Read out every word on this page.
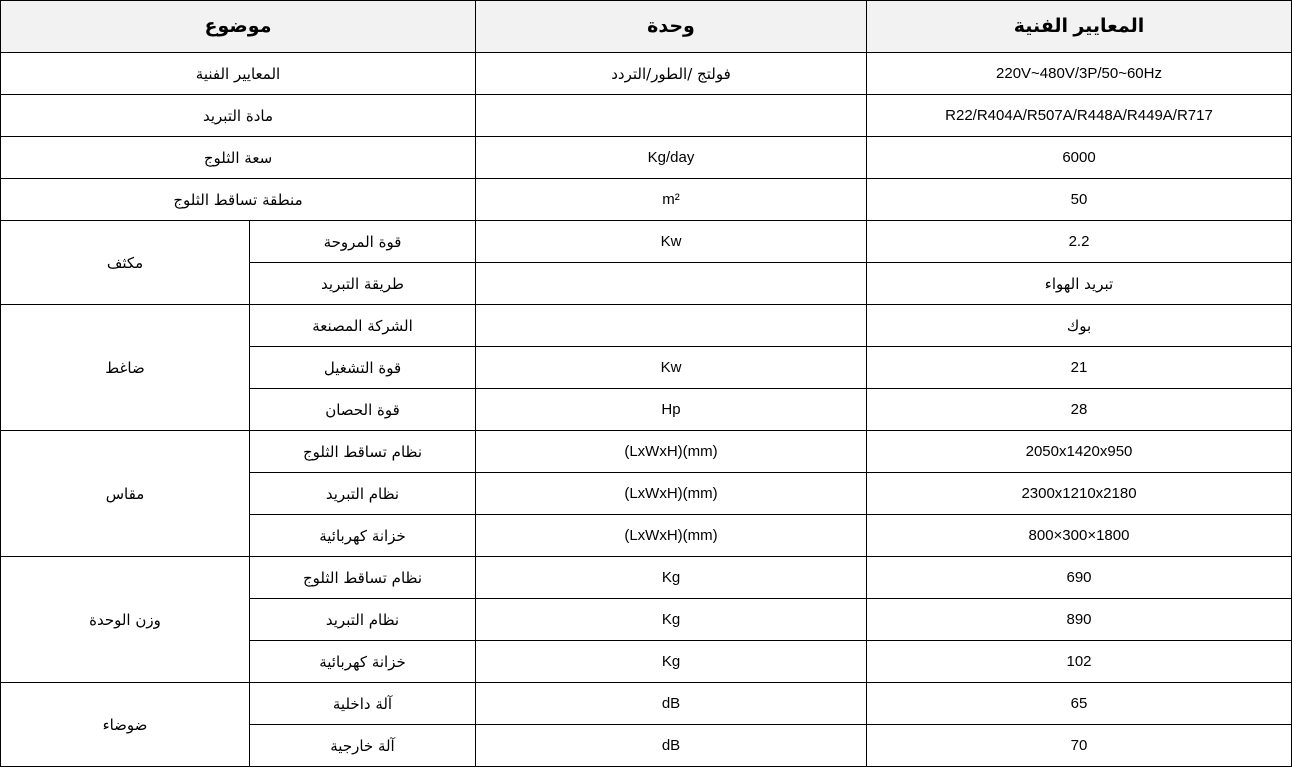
موضوع		وحدة	المعايير الفنية
المعايير الفنية		فولتج /الطور/التردد	220V~480V/3P/50~60Hz
مادة التبريد			R22/R404A/R507A/R448A/R449A/R717
سعة الثلوج		Kg/day	6000
منطقة تساقط الثلوج		m²	50
مكثف	قوة المروحة	Kw	2.2
	طريقة التبريد		تبريد الهواء
ضاغط	الشركة المصنعة		بوك
	قوة التشغيل	Kw	21
	قوة الحصان	Hp	28
مقاس	نظام تساقط الثلوج	(LxWxH)(mm)	2050x1420x950
	نظام التبريد	(LxWxH)(mm)	2300x1210x2180
	خزانة كهربائية	(LxWxH)(mm)	800×300×1800
وزن الوحدة	نظام تساقط الثلوج	Kg	690
	نظام التبريد	Kg	890
	خزانة كهربائية	Kg	102
ضوضاء	آلة داخلية	dB	65
	آلة خارجية	dB	70
